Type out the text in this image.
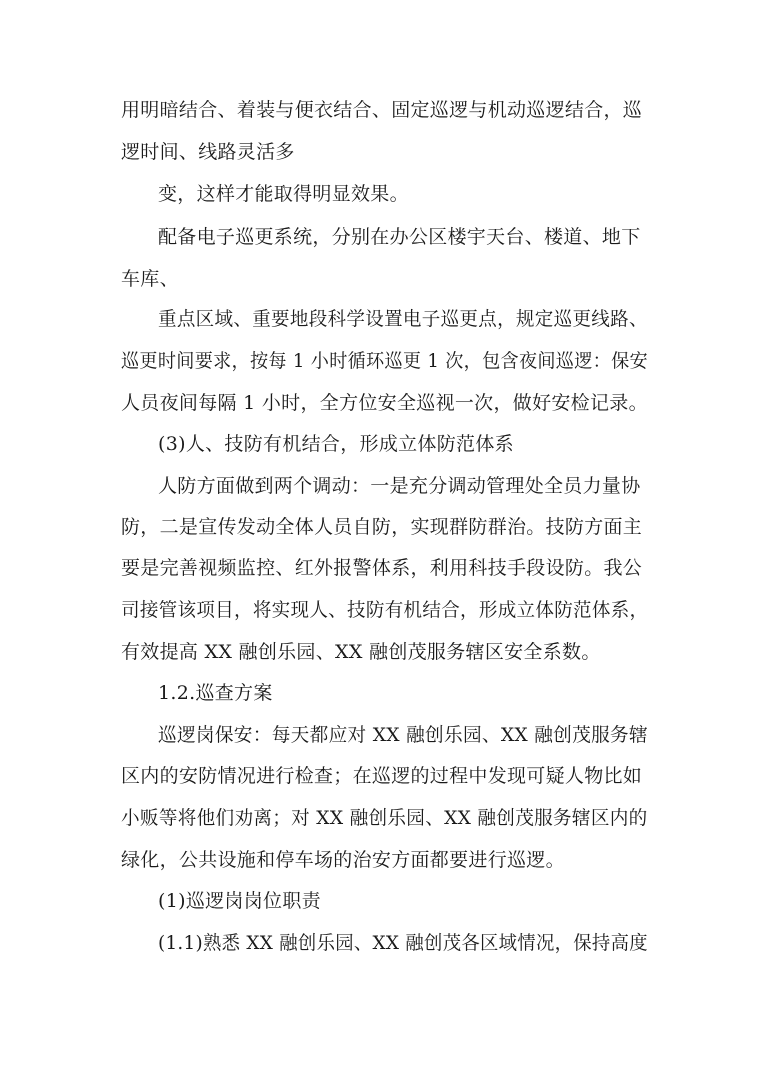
用明暗结合、着装与便衣结合、固定巡逻与机动巡逻结合，巡
逻时间、线路灵活多
变，这样才能取得明显效果。
配备电子巡更系统，分别在办公区楼宇天台、楼道、地下
车库、
重点区域、重要地段科学设置电子巡更点，规定巡更线路、
巡更时间要求，按每 1 小时循环巡更 1 次，包含夜间巡逻：保安
人员夜间每隔 1 小时，全方位安全巡视一次，做好安检记录。
(3)人、技防有机结合，形成立体防范体系
人防方面做到两个调动：一是充分调动管理处全员力量协
防，二是宣传发动全体人员自防，实现群防群治。技防方面主
要是完善视频监控、红外报警体系，利用科技手段设防。我公
司接管该项目，将实现人、技防有机结合，形成立体防范体系，
有效提高 XX 融创乐园、XX 融创茂服务辖区安全系数。
1.2.巡查方案
巡逻岗保安：每天都应对 XX 融创乐园、XX 融创茂服务辖
区内的安防情况进行检查；在巡逻的过程中发现可疑人物比如
小贩等将他们劝离；对 XX 融创乐园、XX 融创茂服务辖区内的
绿化，公共设施和停车场的治安方面都要进行巡逻。
(1)巡逻岗岗位职责
(1.1)熟悉 XX 融创乐园、XX 融创茂各区域情况，保持高度
